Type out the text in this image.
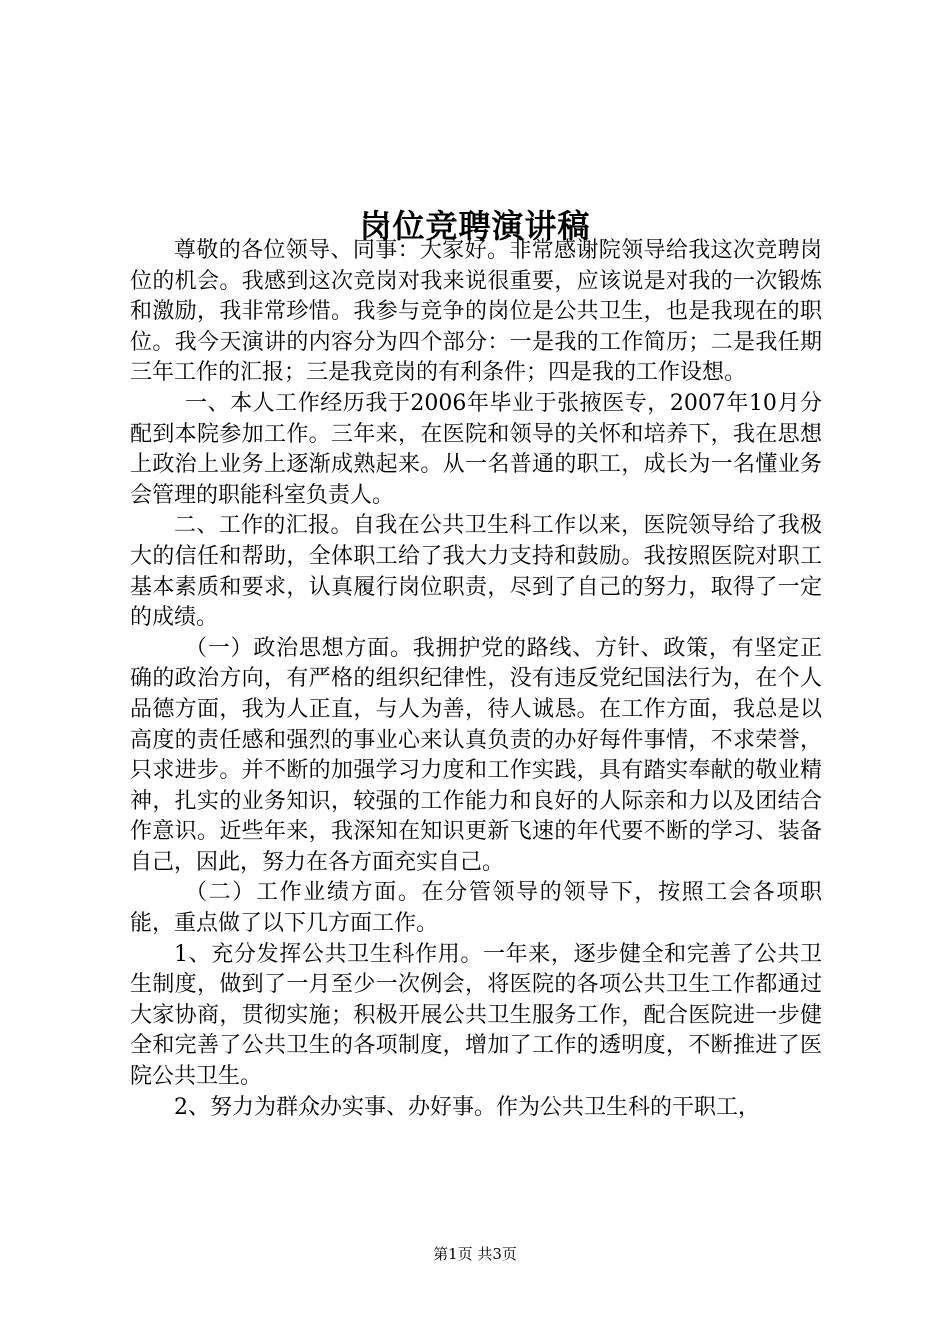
岗位竞聘演讲稿

尊敬的各位领导、同事：大家好。非常感谢院领导给我这次竞聘岗位的机会。我感到这次竞岗对我来说很重要，应该说是对我的一次锻炼和激励，我非常珍惜。我参与竞争的岗位是公共卫生，也是我现在的职位。我今天演讲的内容分为四个部分：一是我的工作简历；二是我任期三年工作的汇报；三是我竞岗的有利条件；四是我的工作设想。

一、本人工作经历我于2006年毕业于张掖医专，2007年10月分配到本院参加工作。三年来，在医院和领导的关怀和培养下，我在思想上政治上业务上逐渐成熟起来。从一名普通的职工，成长为一名懂业务会管理的职能科室负责人。

二、工作的汇报。自我在公共卫生科工作以来，医院领导给了我极大的信任和帮助，全体职工给了我大力支持和鼓励。我按照医院对职工基本素质和要求，认真履行岗位职责，尽到了自己的努力，取得了一定的成绩。

（一）政治思想方面。我拥护党的路线、方针、政策，有坚定正确的政治方向，有严格的组织纪律性，没有违反党纪国法行为，在个人品德方面，我为人正直，与人为善，待人诚恳。在工作方面，我总是以高度的责任感和强烈的事业心来认真负责的办好每件事情，不求荣誉，只求进步。并不断的加强学习力度和工作实践，具有踏实奉献的敬业精神，扎实的业务知识，较强的工作能力和良好的人际亲和力以及团结合作意识。近些年来，我深知在知识更新飞速的年代要不断的学习、装备自己，因此，努力在各方面充实自己。

（二）工作业绩方面。在分管领导的领导下，按照工会各项职能，重点做了以下几方面工作。

1、充分发挥公共卫生科作用。一年来，逐步健全和完善了公共卫生制度，做到了一月至少一次例会，将医院的各项公共卫生工作都通过大家协商，贯彻实施；积极开展公共卫生服务工作，配合医院进一步健全和完善了公共卫生的各项制度，增加了工作的透明度，不断推进了医院公共卫生。

2、努力为群众办实事、办好事。作为公共卫生科的干职工，

第1页 共3页
